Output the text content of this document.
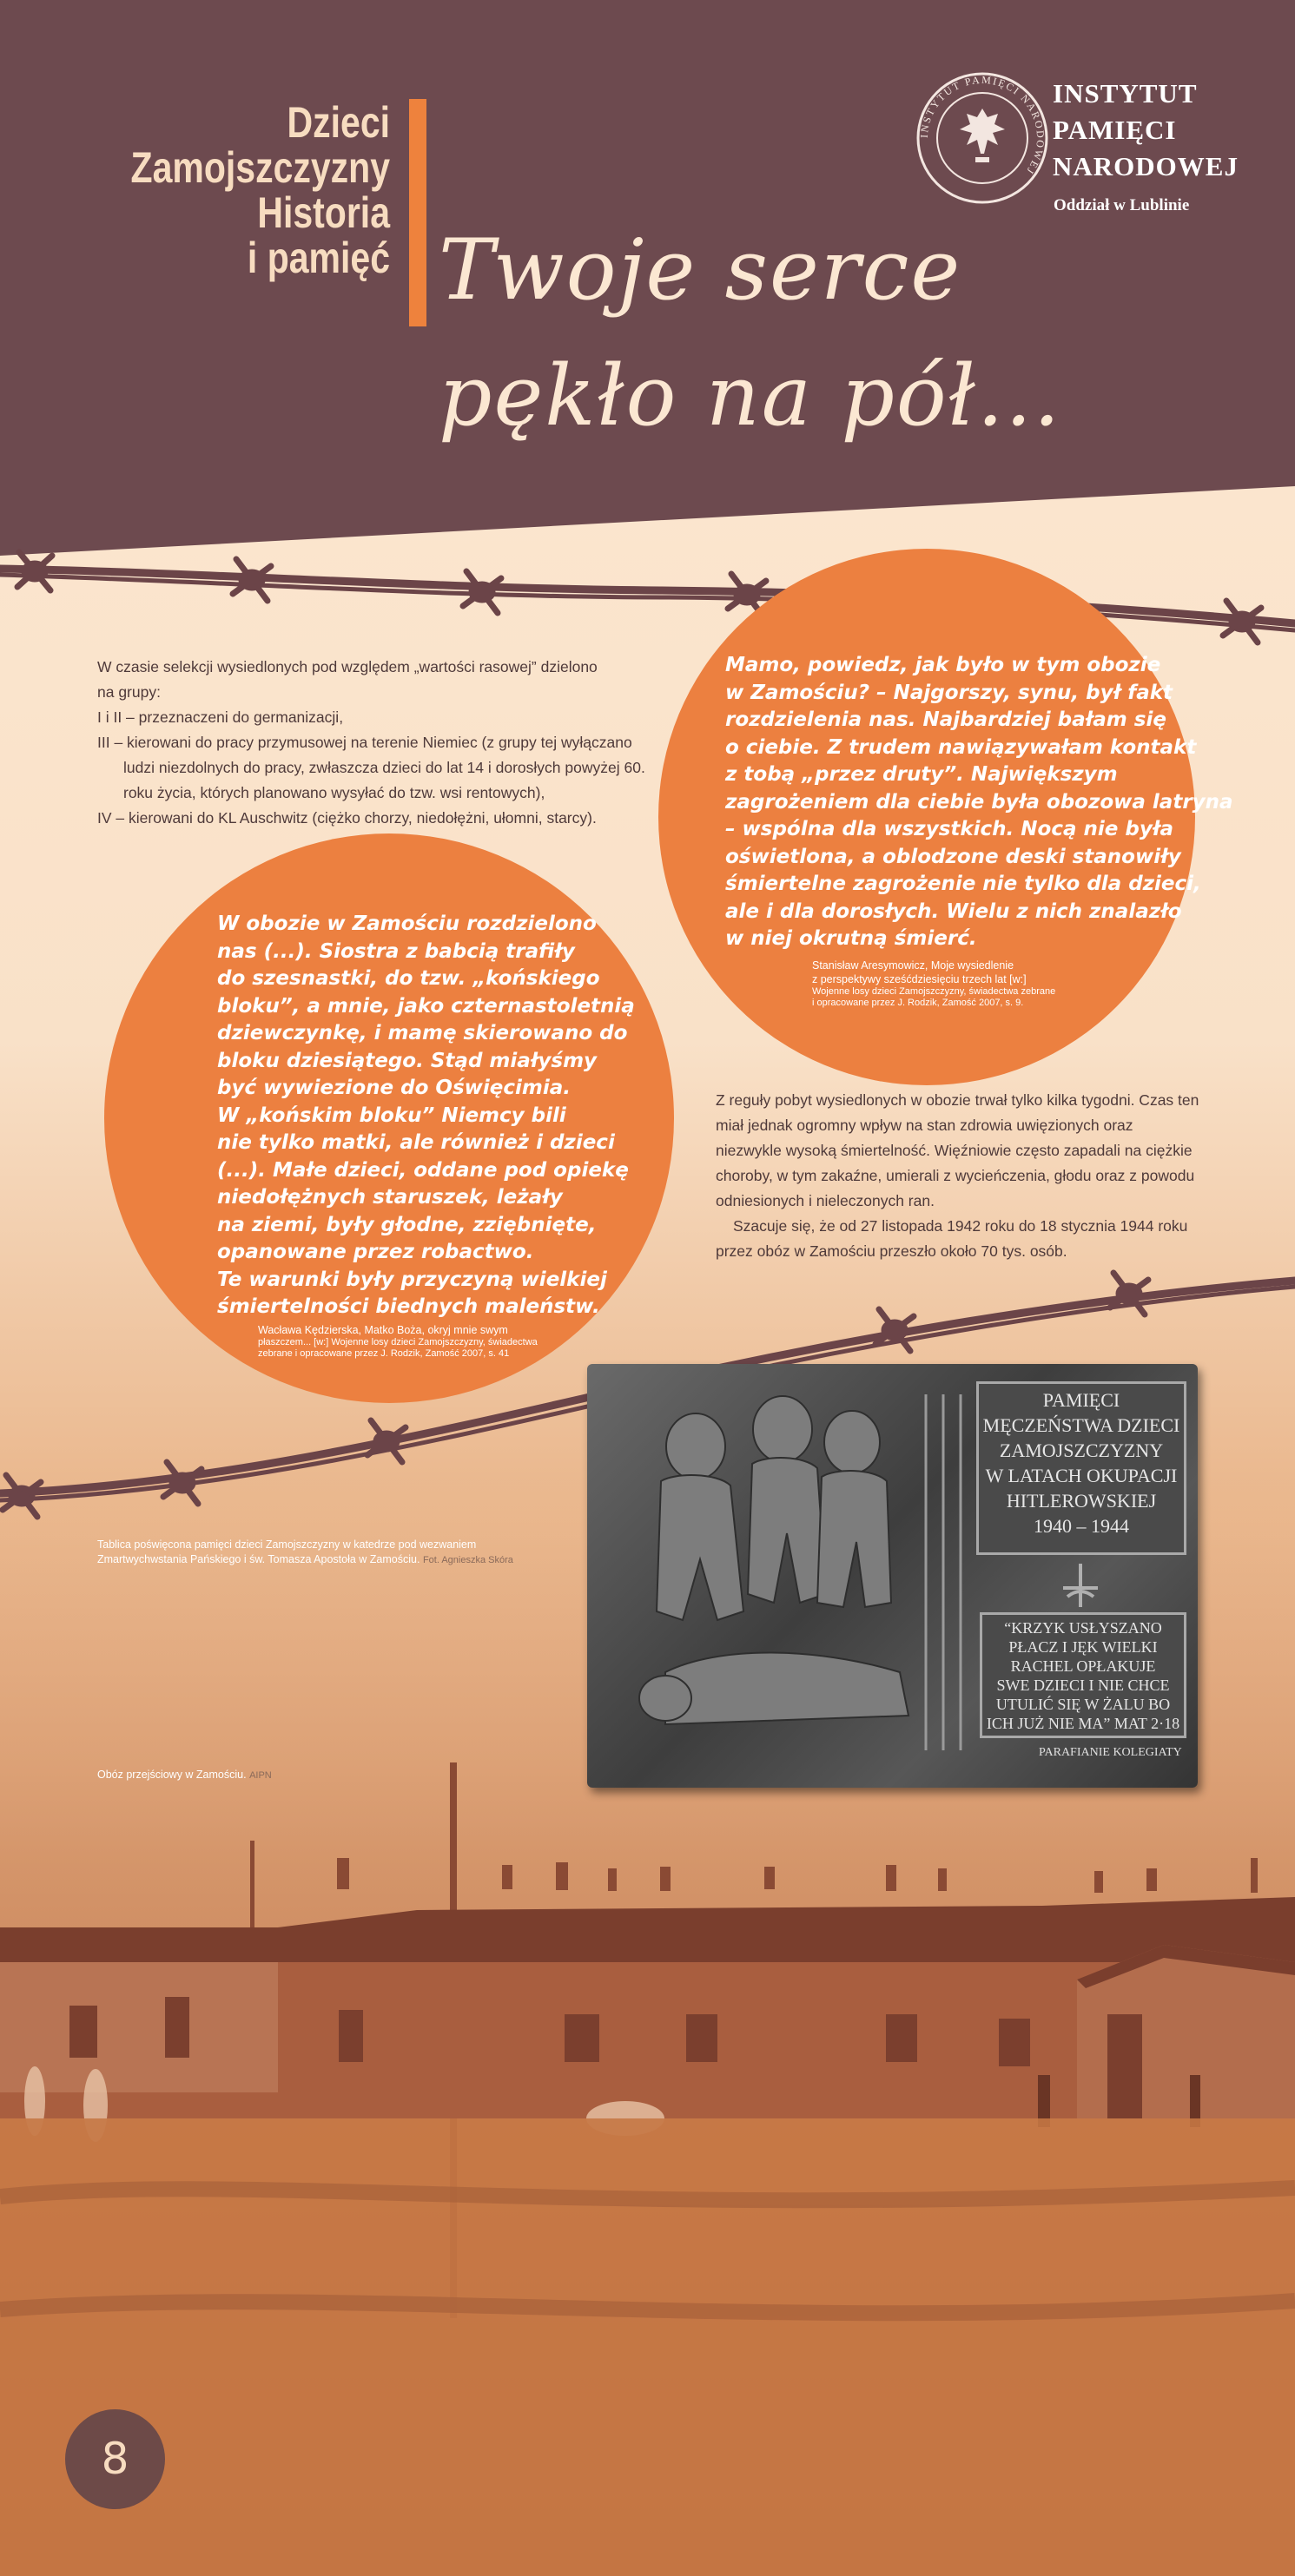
Dzieci
Zamojszczyzny
Historia
i pamięć Twoje serce
pękło na pół...
INSTYTUT PAMIĘCI NARODOWEJ
INSTYTUT
PAMIĘCI
NARODOWEJ
Oddział w Lublinie

W czasie selekcji wysiedlonych pod względem „wartości rasowej” dzielono

na grupy:

I i II – przeznaczeni do germanizacji,

III – kierowani do pracy przymusowej na terenie Niemiec (z grupy tej wyłączano ludzi niezdolnych do pracy, zwłaszcza dzieci do lat 14 i dorosłych powyżej 60. roku życia, których planowano wysyłać do tzw. wsi rentowych),

IV – kierowani do KL Auschwitz (ciężko chorzy, niedołężni, ułomni, starcy).

Mamo, powiedz, jak było w tym obozie
w Zamościu? – Najgorszy, synu, był fakt
rozdzielenia nas. Najbardziej bałam się
o ciebie. Z trudem nawiązywałam kontakt
z tobą „przez druty”. Największym
zagrożeniem dla ciebie była obozowa latryna
– wspólna dla wszystkich. Nocą nie była
oświetlona, a oblodzone deski stanowiły
śmiertelne zagrożenie nie tylko dla dzieci,
ale i dla dorosłych. Wielu z nich znalazło
w niej okrutną śmierć.
Stanisław Aresymowicz, Moje wysiedlenie
z perspektywy sześćdziesięciu trzech lat [w:]
Wojenne losy dzieci Zamojszczyzny, świadectwa zebrane
i opracowane przez J. Rodzik, Zamość 2007, s. 9.
W obozie w Zamościu rozdzielono
nas (...). Siostra z babcią trafiły
do szesnastki, do tzw. „końskiego
bloku”, a mnie, jako czternastoletnią
dziewczynkę, i mamę skierowano do
bloku dziesiątego. Stąd miałyśmy
być wywiezione do Oświęcimia.
W „końskim bloku” Niemcy bili
nie tylko matki, ale również i dzieci
(...). Małe dzieci, oddane pod opiekę
niedołężnych staruszek, leżały
na ziemi, były głodne, zziębnięte,
opanowane przez robactwo.
Te warunki były przyczyną wielkiej
śmiertelności biednych maleństw.
Wacława Kędzierska, Matko Boża, okryj mnie swym
płaszczem... [w:] Wojenne losy dzieci Zamojszczyzny, świadectwa
zebrane i opracowane przez J. Rodzik, Zamość 2007, s. 41

Z reguły pobyt wysiedlonych w obozie trwał tylko kilka tygodni. Czas ten miał jednak ogromny wpływ na stan zdrowia uwięzionych oraz niezwykle wysoką śmiertelność. Więźniowie często zapadali na ciężkie choroby, w tym zakaźne, umierali z wycieńczenia, głodu oraz z powodu odniesionych i nieleczonych ran.

Szacuje się, że od 27 listopada 1942 roku do 18 stycznia 1944 roku przez obóz w Zamościu przeszło około 70 tys. osób.

PAMIĘCI
MĘCZEŃSTWA DZIECI
ZAMOJSZCZYZNY
W LATACH OKUPACJI
HITLEROWSKIEJ
1940 – 1944
“KRZYK USŁYSZANO
PŁACZ I JĘK WIELKI
RACHEL OPŁAKUJE
SWE DZIECI I NIE CHCE
UTULIĆ SIĘ W ŻALU BO
ICH JUŻ NIE MA” MAT 2·18
PARAFIANIE KOLEGIATY
Tablica poświęcona pamięci dzieci Zamojszczyzny w katedrze pod wezwaniem
Zmartwychwstania Pańskiego i św. Tomasza Apostoła w Zamościu. Fot. Agnieszka Skóra
Obóz przejściowy w Zamościu. AIPN
8
